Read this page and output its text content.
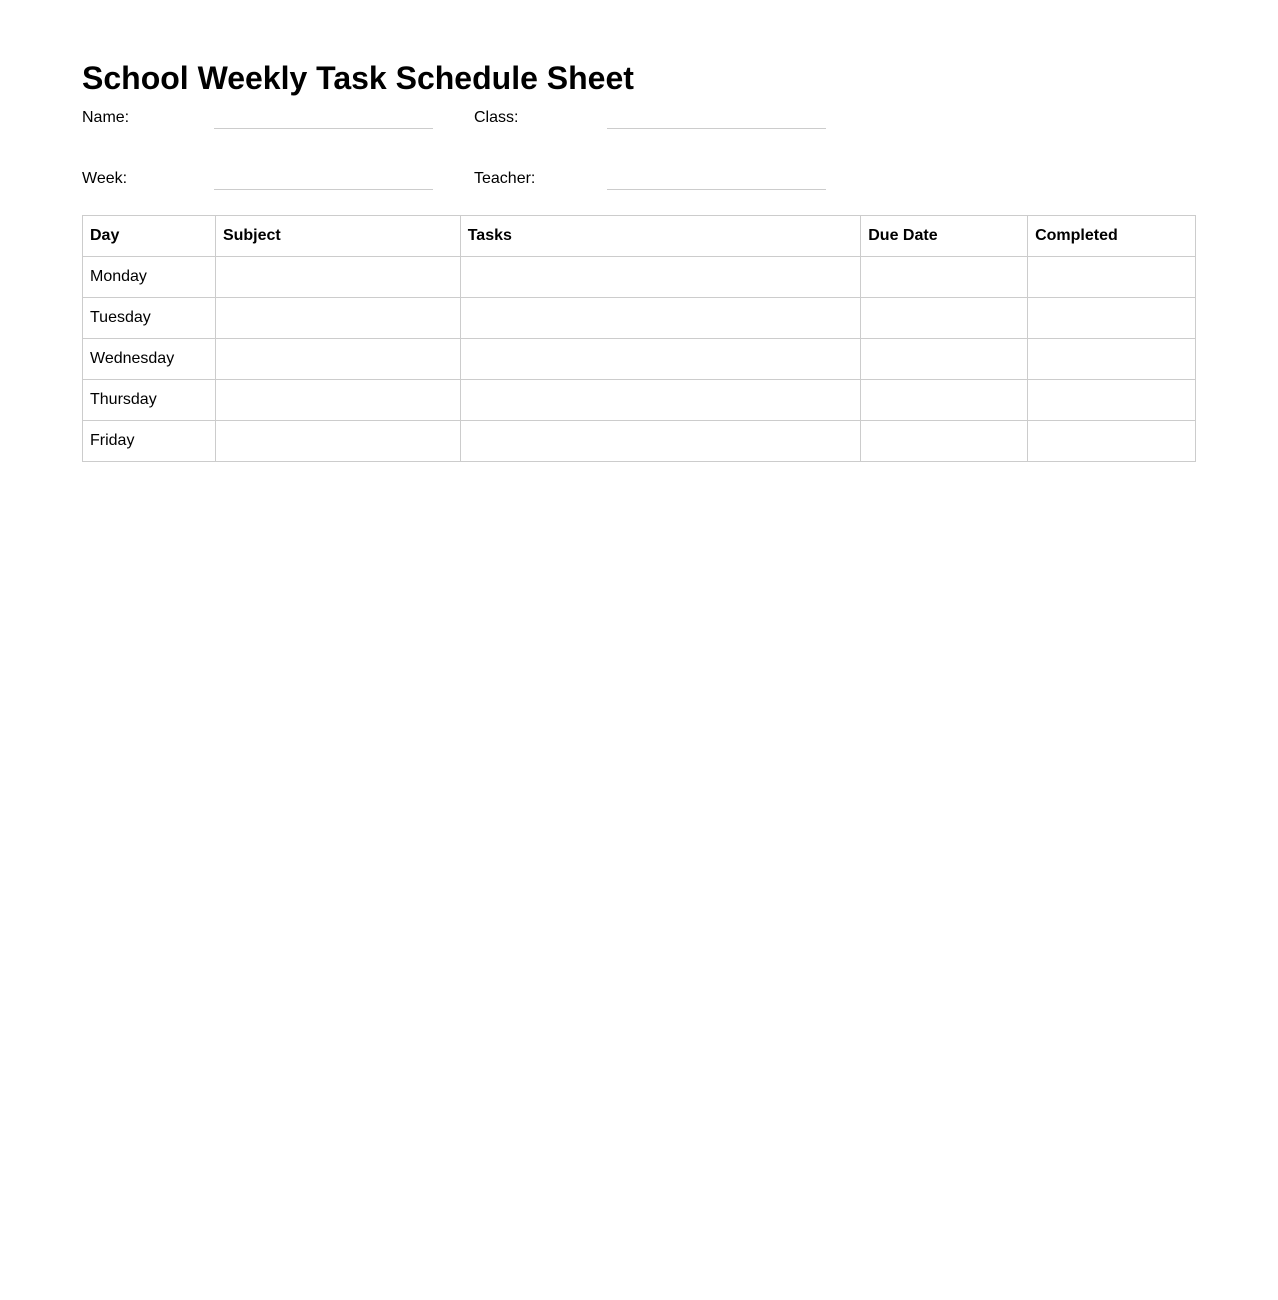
School Weekly Task Schedule Sheet
Name:	Class:
Week:	Teacher:
Day	Subject	Tasks	Due Date	Completed
Monday				
Tuesday				
Wednesday				
Thursday				
Friday				
